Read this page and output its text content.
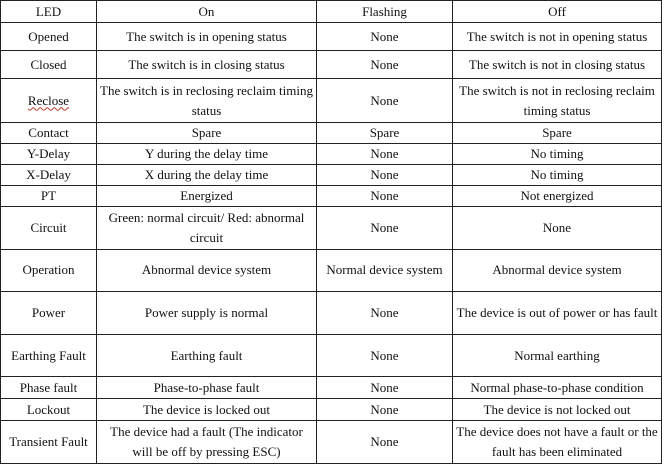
LED	On	Flashing	Off
Opened	The switch is in opening status	None	The switch is not in opening status
Closed	The switch is in closing status	None	The switch is not in closing status
Reclose	The switch is in reclosing reclaim timing status	None	The switch is not in reclosing reclaim timing status
Contact	Spare	Spare	Spare
Y-Delay	Y during the delay time	None	No timing
X-Delay	X during the delay time	None	No timing
PT	Energized	None	Not energized
Circuit	Green: normal circuit/ Red: abnormal circuit	None	None
Operation	Abnormal device system	Normal device system	Abnormal device system
Power	Power supply is normal	None	The device is out of power or has fault
Earthing Fault	Earthing fault	None	Normal earthing
Phase fault	Phase-to-phase fault	None	Normal phase-to-phase condition
Lockout	The device is locked out	None	The device is not locked out
Transient Fault	The device had a fault (The indicator will be off by pressing ESC)	None	The device does not have a fault or the fault has been eliminated
